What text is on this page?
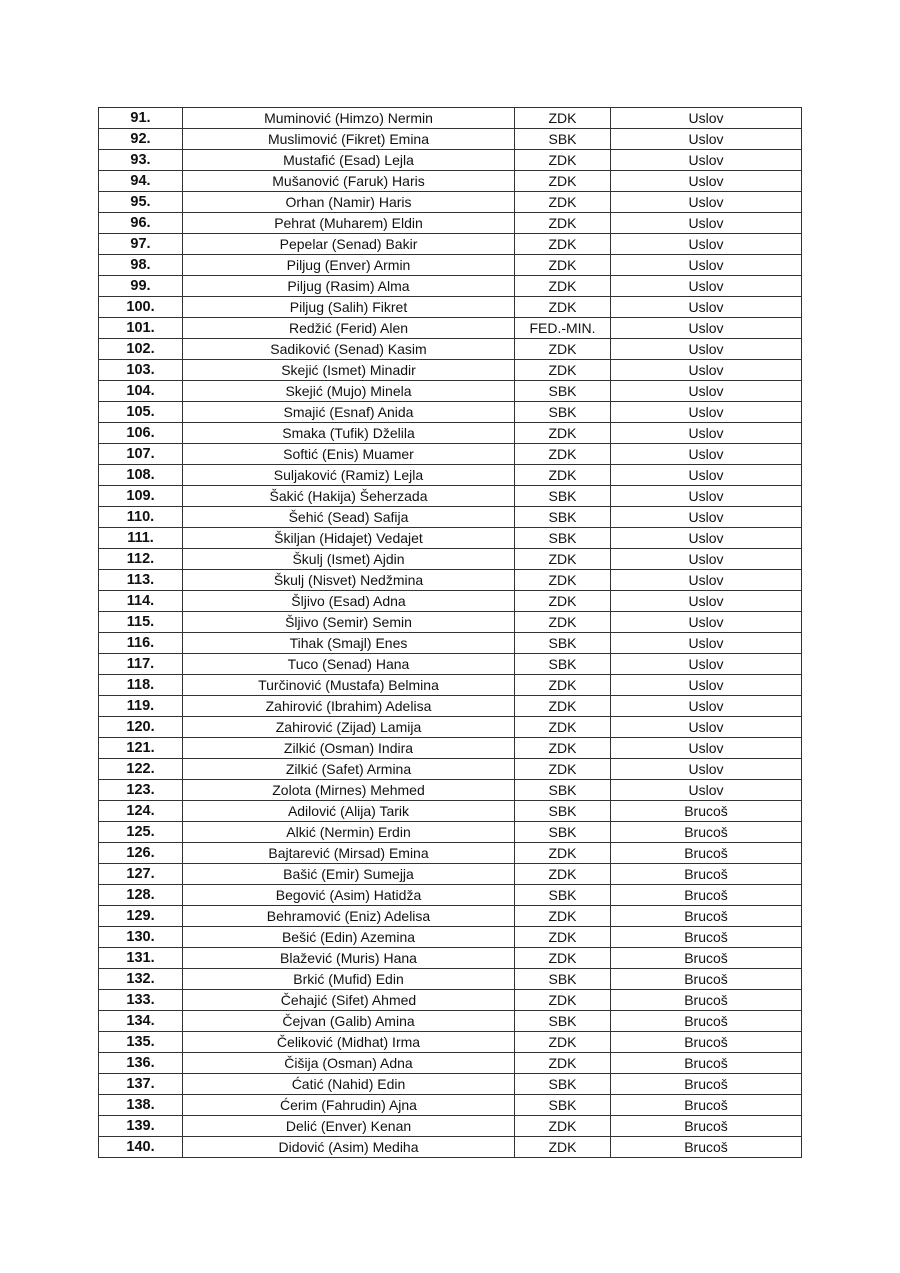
91.	Muminović (Himzo) Nermin	ZDK	Uslov
92.	Muslimović (Fikret) Emina	SBK	Uslov
93.	Mustafić (Esad) Lejla	ZDK	Uslov
94.	Mušanović (Faruk) Haris	ZDK	Uslov
95.	Orhan (Namir) Haris	ZDK	Uslov
96.	Pehrat (Muharem) Eldin	ZDK	Uslov
97.	Pepelar (Senad) Bakir	ZDK	Uslov
98.	Piljug (Enver) Armin	ZDK	Uslov
99.	Piljug (Rasim) Alma	ZDK	Uslov
100.	Piljug (Salih) Fikret	ZDK	Uslov
101.	Redžić (Ferid) Alen	FED.-MIN.	Uslov
102.	Sadiković (Senad) Kasim	ZDK	Uslov
103.	Skejić (Ismet) Minadir	ZDK	Uslov
104.	Skejić (Mujo) Minela	SBK	Uslov
105.	Smajić (Esnaf) Anida	SBK	Uslov
106.	Smaka (Tufik) Dželila	ZDK	Uslov
107.	Softić (Enis) Muamer	ZDK	Uslov
108.	Suljaković (Ramiz) Lejla	ZDK	Uslov
109.	Šakić (Hakija) Šeherzada	SBK	Uslov
110.	Šehić (Sead) Safija	SBK	Uslov
111.	Škiljan (Hidajet) Vedajet	SBK	Uslov
112.	Škulj (Ismet) Ajdin	ZDK	Uslov
113.	Škulj (Nisvet) Nedžmina	ZDK	Uslov
114.	Šljivo (Esad) Adna	ZDK	Uslov
115.	Šljivo (Semir) Semin	ZDK	Uslov
116.	Tihak (Smajl) Enes	SBK	Uslov
117.	Tuco (Senad) Hana	SBK	Uslov
118.	Turčinović (Mustafa) Belmina	ZDK	Uslov
119.	Zahirović (Ibrahim) Adelisa	ZDK	Uslov
120.	Zahirović (Zijad) Lamija	ZDK	Uslov
121.	Zilkić (Osman) Indira	ZDK	Uslov
122.	Zilkić (Safet) Armina	ZDK	Uslov
123.	Zolota (Mirnes) Mehmed	SBK	Uslov
124.	Adilović (Alija) Tarik	SBK	Brucoš
125.	Alkić (Nermin) Erdin	SBK	Brucoš
126.	Bajtarević (Mirsad) Emina	ZDK	Brucoš
127.	Bašić (Emir) Sumejja	ZDK	Brucoš
128.	Begović (Asim) Hatidža	SBK	Brucoš
129.	Behramović (Eniz) Adelisa	ZDK	Brucoš
130.	Bešić (Edin) Azemina	ZDK	Brucoš
131.	Blažević (Muris) Hana	ZDK	Brucoš
132.	Brkić (Mufid) Edin	SBK	Brucoš
133.	Čehajić (Sifet) Ahmed	ZDK	Brucoš
134.	Čejvan (Galib) Amina	SBK	Brucoš
135.	Čeliković (Midhat) Irma	ZDK	Brucoš
136.	Čišija (Osman) Adna	ZDK	Brucoš
137.	Ćatić (Nahid) Edin	SBK	Brucoš
138.	Ćerim (Fahrudin) Ajna	SBK	Brucoš
139.	Delić (Enver) Kenan	ZDK	Brucoš
140.	Didović (Asim) Mediha	ZDK	Brucoš
